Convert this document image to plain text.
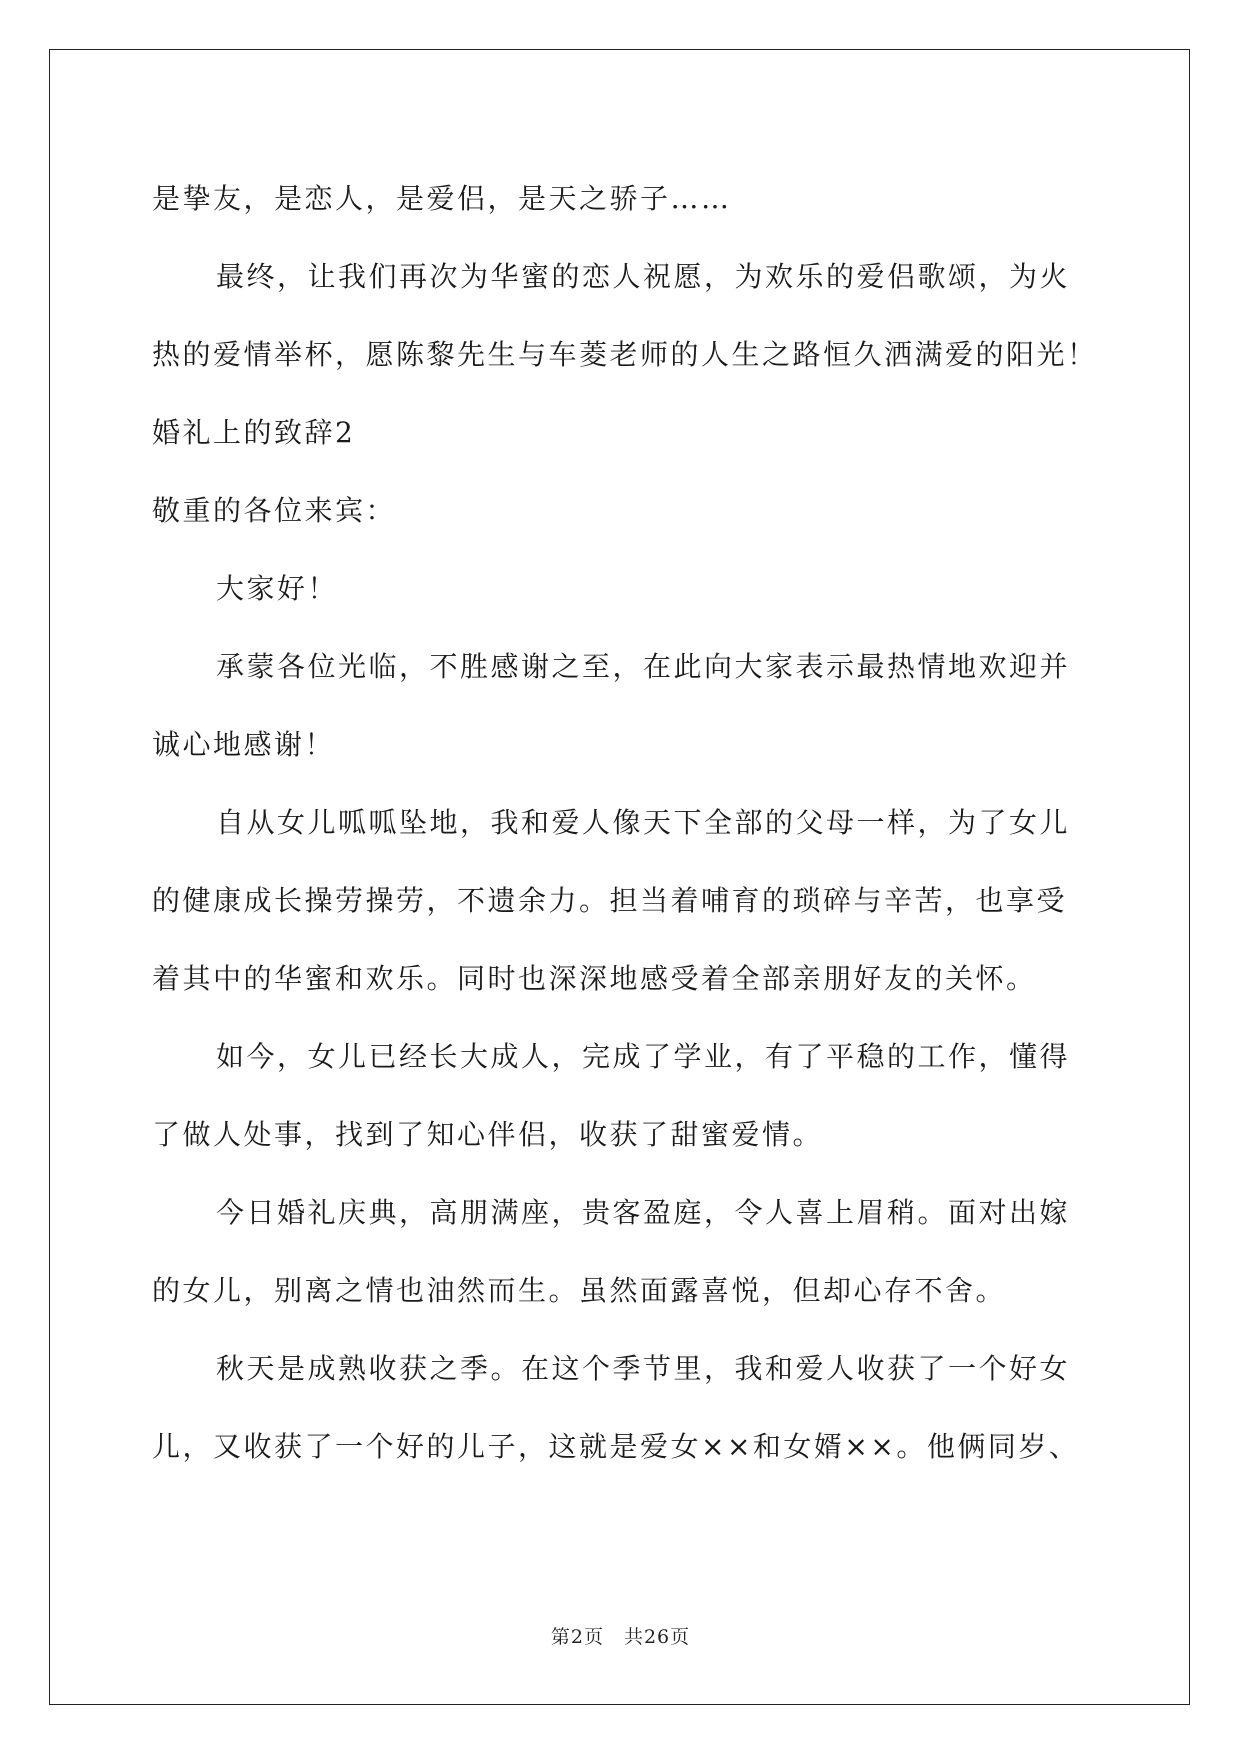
是挚友，是恋人，是爱侣，是天之骄子……
最终，让我们再次为华蜜的恋人祝愿，为欢乐的爱侣歌颂，为火
热的爱情举杯，愿陈黎先生与车菱老师的人生之路恒久洒满爱的阳光！
婚礼上的致辞2
敬重的各位来宾：
大家好！
承蒙各位光临，不胜感谢之至，在此向大家表示最热情地欢迎并
诚心地感谢！
自从女儿呱呱坠地，我和爱人像天下全部的父母一样，为了女儿
的健康成长操劳操劳，不遗余力。担当着哺育的琐碎与辛苦，也享受
着其中的华蜜和欢乐。同时也深深地感受着全部亲朋好友的关怀。
如今，女儿已经长大成人，完成了学业，有了平稳的工作，懂得
了做人处事，找到了知心伴侣，收获了甜蜜爱情。
今日婚礼庆典，高朋满座，贵客盈庭，令人喜上眉稍。面对出嫁
的女儿，别离之情也油然而生。虽然面露喜悦，但却心存不舍。
秋天是成熟收获之季。在这个季节里，我和爱人收获了一个好女
儿，又收获了一个好的儿子，这就是爱女××和女婿××。他俩同岁、
第2页　共26页
